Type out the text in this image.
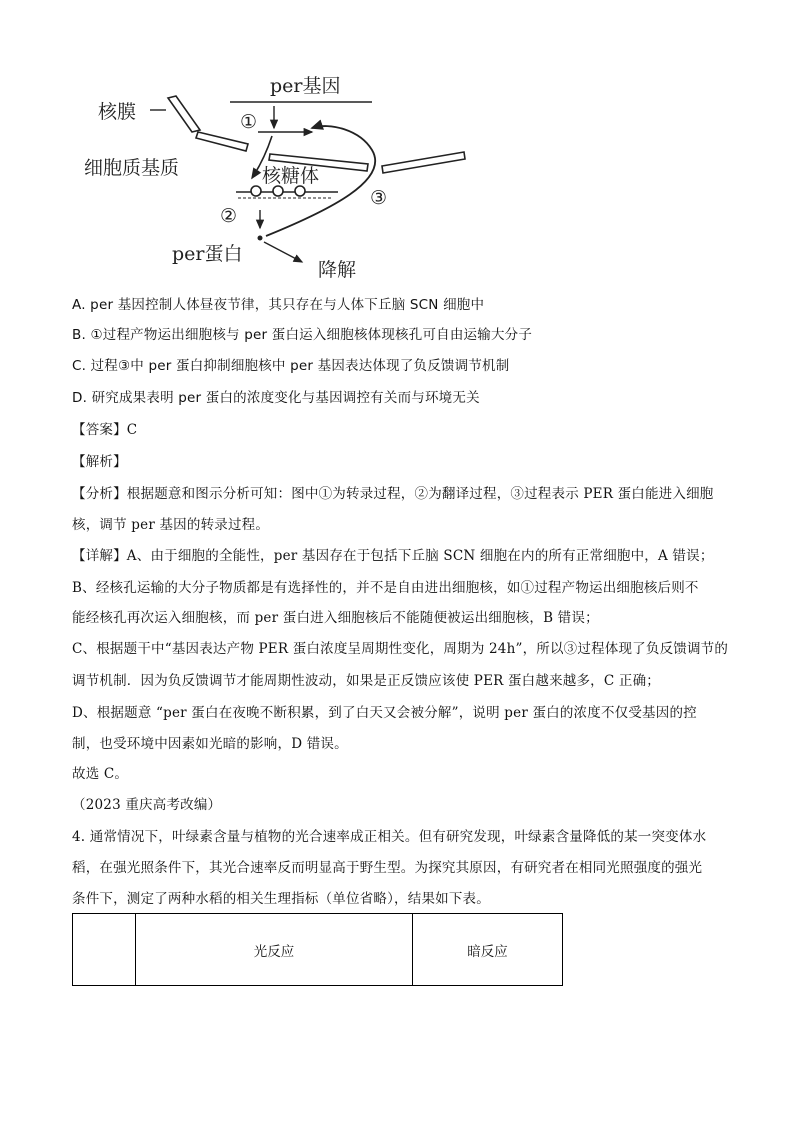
per基因
核膜
细胞质基质	核糖体
per蛋白
降解
①
②
③
A. per 基因控制人体昼夜节律，其只存在与人体下丘脑 SCN 细胞中
B. ①过程产物运出细胞核与 per 蛋白运入细胞核体现核孔可自由运输大分子
C. 过程③中 per 蛋白抑制细胞核中 per 基因表达体现了负反馈调节机制
D. 研究成果表明 per 蛋白的浓度变化与基因调控有关而与环境无关
【答案】C
【解析】
【分析】根据题意和图示分析可知：图中①为转录过程，②为翻译过程，③过程表示 PER 蛋白能进入细胞
核，调节 per 基因的转录过程。
【详解】A、由于细胞的全能性，per 基因存在于包括下丘脑 SCN 细胞在内的所有正常细胞中，A 错误；
B、经核孔运输的大分子物质都是有选择性的，并不是自由进出细胞核，如①过程产物运出细胞核后则不
能经核孔再次运入细胞核，而 per 蛋白进入细胞核后不能随便被运出细胞核，B 错误；
C、根据题干中“基因表达产物 PER 蛋白浓度呈周期性变化，周期为 24h”，所以③过程体现了负反馈调节的
调节机制．因为负反馈调节才能周期性波动，如果是正反馈应该使 PER 蛋白越来越多，C 正确；
D、根据题意 “per 蛋白在夜晚不断积累，到了白天又会被分解”，说明 per 蛋白的浓度不仅受基因的控
制，也受环境中因素如光暗的影响，D 错误。
故选 C。
（2023 重庆高考改编）
4. 通常情况下，叶绿素含量与植物的光合速率成正相关。但有研究发现，叶绿素含量降低的某一突变体水
稻，在强光照条件下，其光合速率反而明显高于野生型。为探究其原因，有研究者在相同光照强度的强光
条件下，测定了两种水稻的相关生理指标（单位省略），结果如下表。
	光反应	暗反应
